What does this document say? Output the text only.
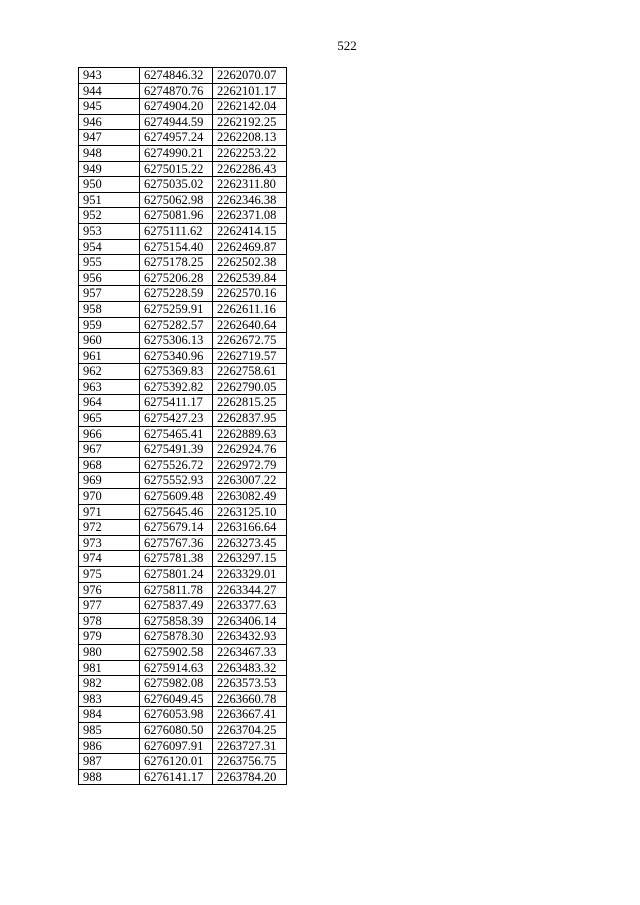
522
943	6274846.32	2262070.07
944	6274870.76	2262101.17
945	6274904.20	2262142.04
946	6274944.59	2262192.25
947	6274957.24	2262208.13
948	6274990.21	2262253.22
949	6275015.22	2262286.43
950	6275035.02	2262311.80
951	6275062.98	2262346.38
952	6275081.96	2262371.08
953	6275111.62	2262414.15
954	6275154.40	2262469.87
955	6275178.25	2262502.38
956	6275206.28	2262539.84
957	6275228.59	2262570.16
958	6275259.91	2262611.16
959	6275282.57	2262640.64
960	6275306.13	2262672.75
961	6275340.96	2262719.57
962	6275369.83	2262758.61
963	6275392.82	2262790.05
964	6275411.17	2262815.25
965	6275427.23	2262837.95
966	6275465.41	2262889.63
967	6275491.39	2262924.76
968	6275526.72	2262972.79
969	6275552.93	2263007.22
970	6275609.48	2263082.49
971	6275645.46	2263125.10
972	6275679.14	2263166.64
973	6275767.36	2263273.45
974	6275781.38	2263297.15
975	6275801.24	2263329.01
976	6275811.78	2263344.27
977	6275837.49	2263377.63
978	6275858.39	2263406.14
979	6275878.30	2263432.93
980	6275902.58	2263467.33
981	6275914.63	2263483.32
982	6275982.08	2263573.53
983	6276049.45	2263660.78
984	6276053.98	2263667.41
985	6276080.50	2263704.25
986	6276097.91	2263727.31
987	6276120.01	2263756.75
988	6276141.17	2263784.20
